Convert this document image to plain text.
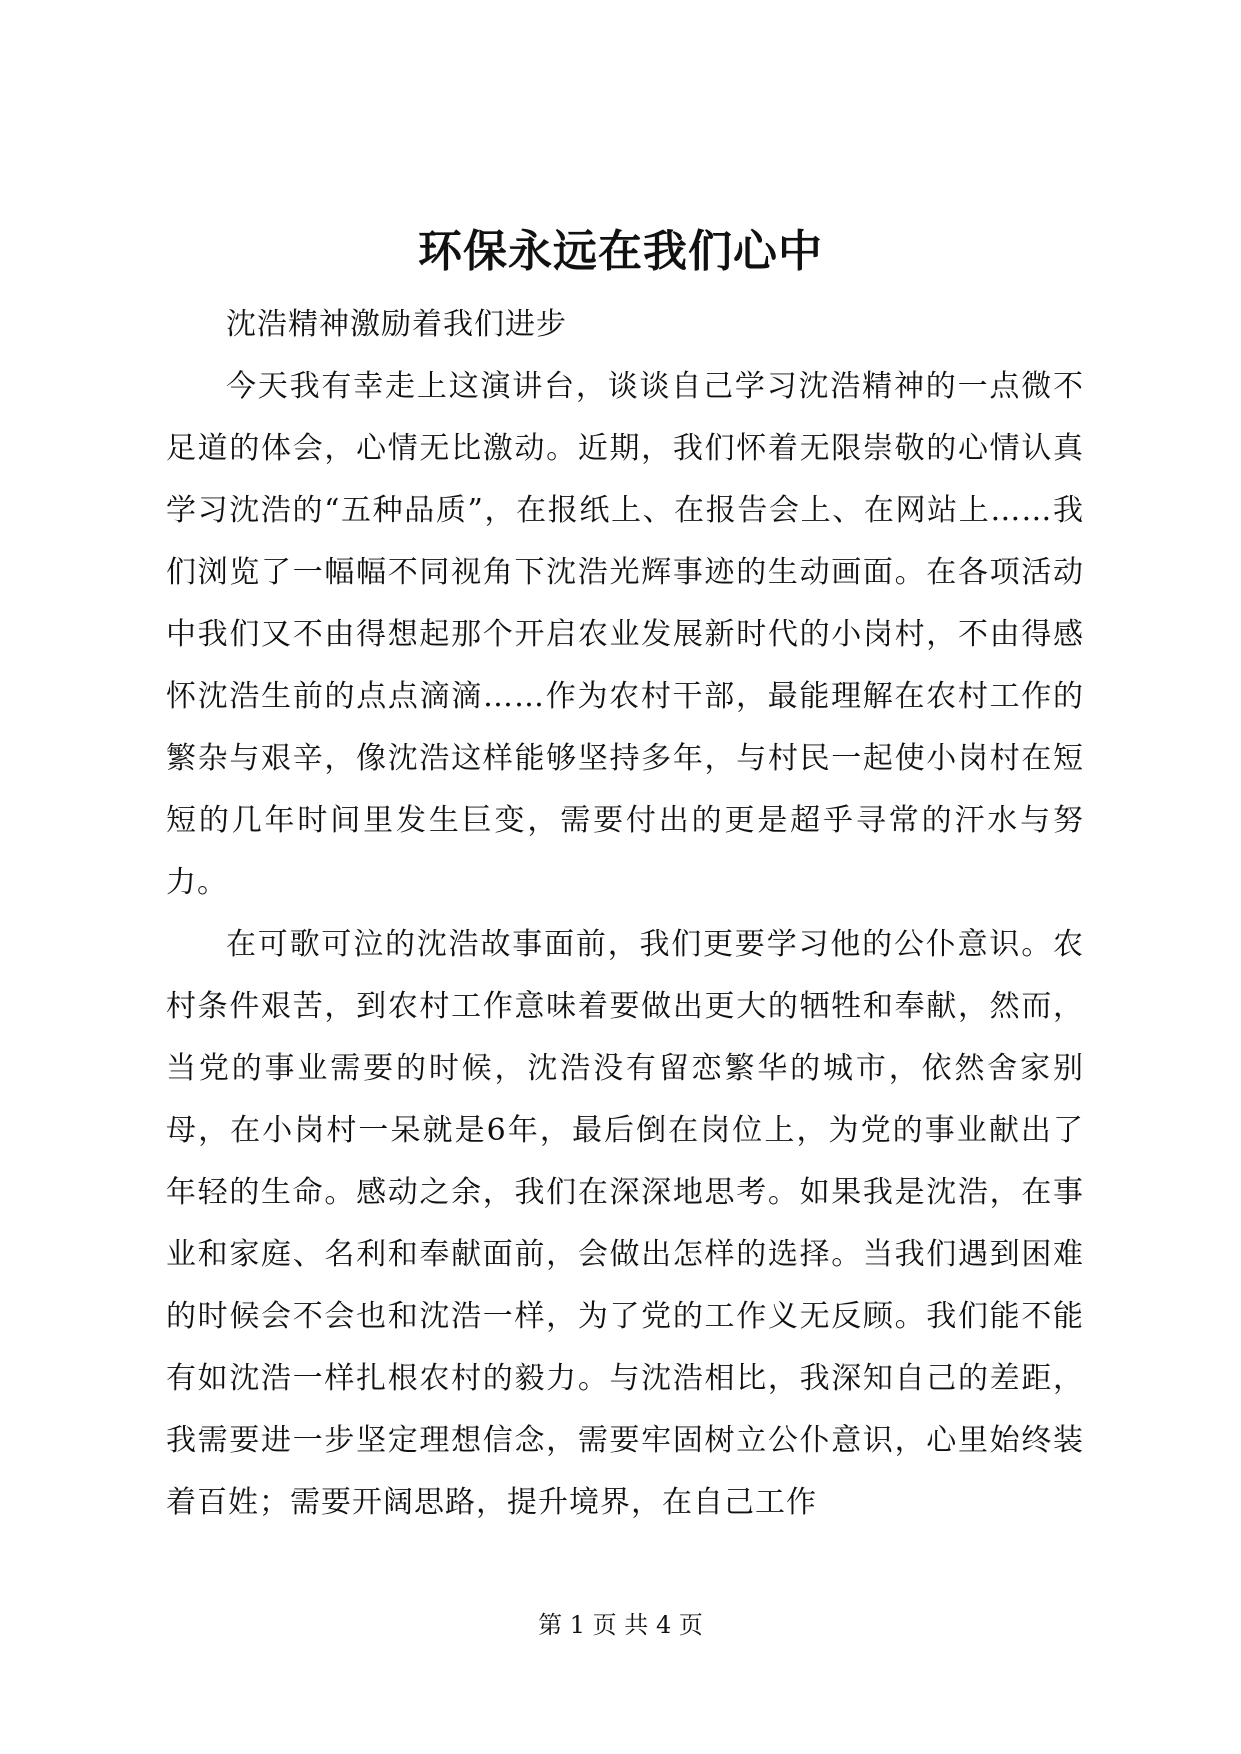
环保永远在我们心中

沈浩精神激励着我们进步

今天我有幸走上这演讲台，谈谈自己学习沈浩精神的一点微不足道的体会，心情无比激动。近期，我们怀着无限崇敬的心情认真学习沈浩的“五种品质”，在报纸上、在报告会上、在网站上……我们浏览了一幅幅不同视角下沈浩光辉事迹的生动画面。在各项活动中我们又不由得想起那个开启农业发展新时代的小岗村，不由得感怀沈浩生前的点点滴滴……作为农村干部，最能理解在农村工作的繁杂与艰辛，像沈浩这样能够坚持多年，与村民一起使小岗村在短短的几年时间里发生巨变，需要付出的更是超乎寻常的汗水与努力。

在可歌可泣的沈浩故事面前，我们更要学习他的公仆意识。农村条件艰苦，到农村工作意味着要做出更大的牺牲和奉献，然而，当党的事业需要的时候，沈浩没有留恋繁华的城市，依然舍家别母，在小岗村一呆就是6年，最后倒在岗位上，为党的事业献出了年轻的生命。感动之余，我们在深深地思考。如果我是沈浩，在事业和家庭、名利和奉献面前，会做出怎样的选择。当我们遇到困难的时候会不会也和沈浩一样，为了党的工作义无反顾。我们能不能有如沈浩一样扎根农村的毅力。与沈浩相比，我深知自己的差距，我需要进一步坚定理想信念，需要牢固树立公仆意识，心里始终装着百姓；需要开阔思路，提升境界，在自己工作

第 1 页 共 4 页
